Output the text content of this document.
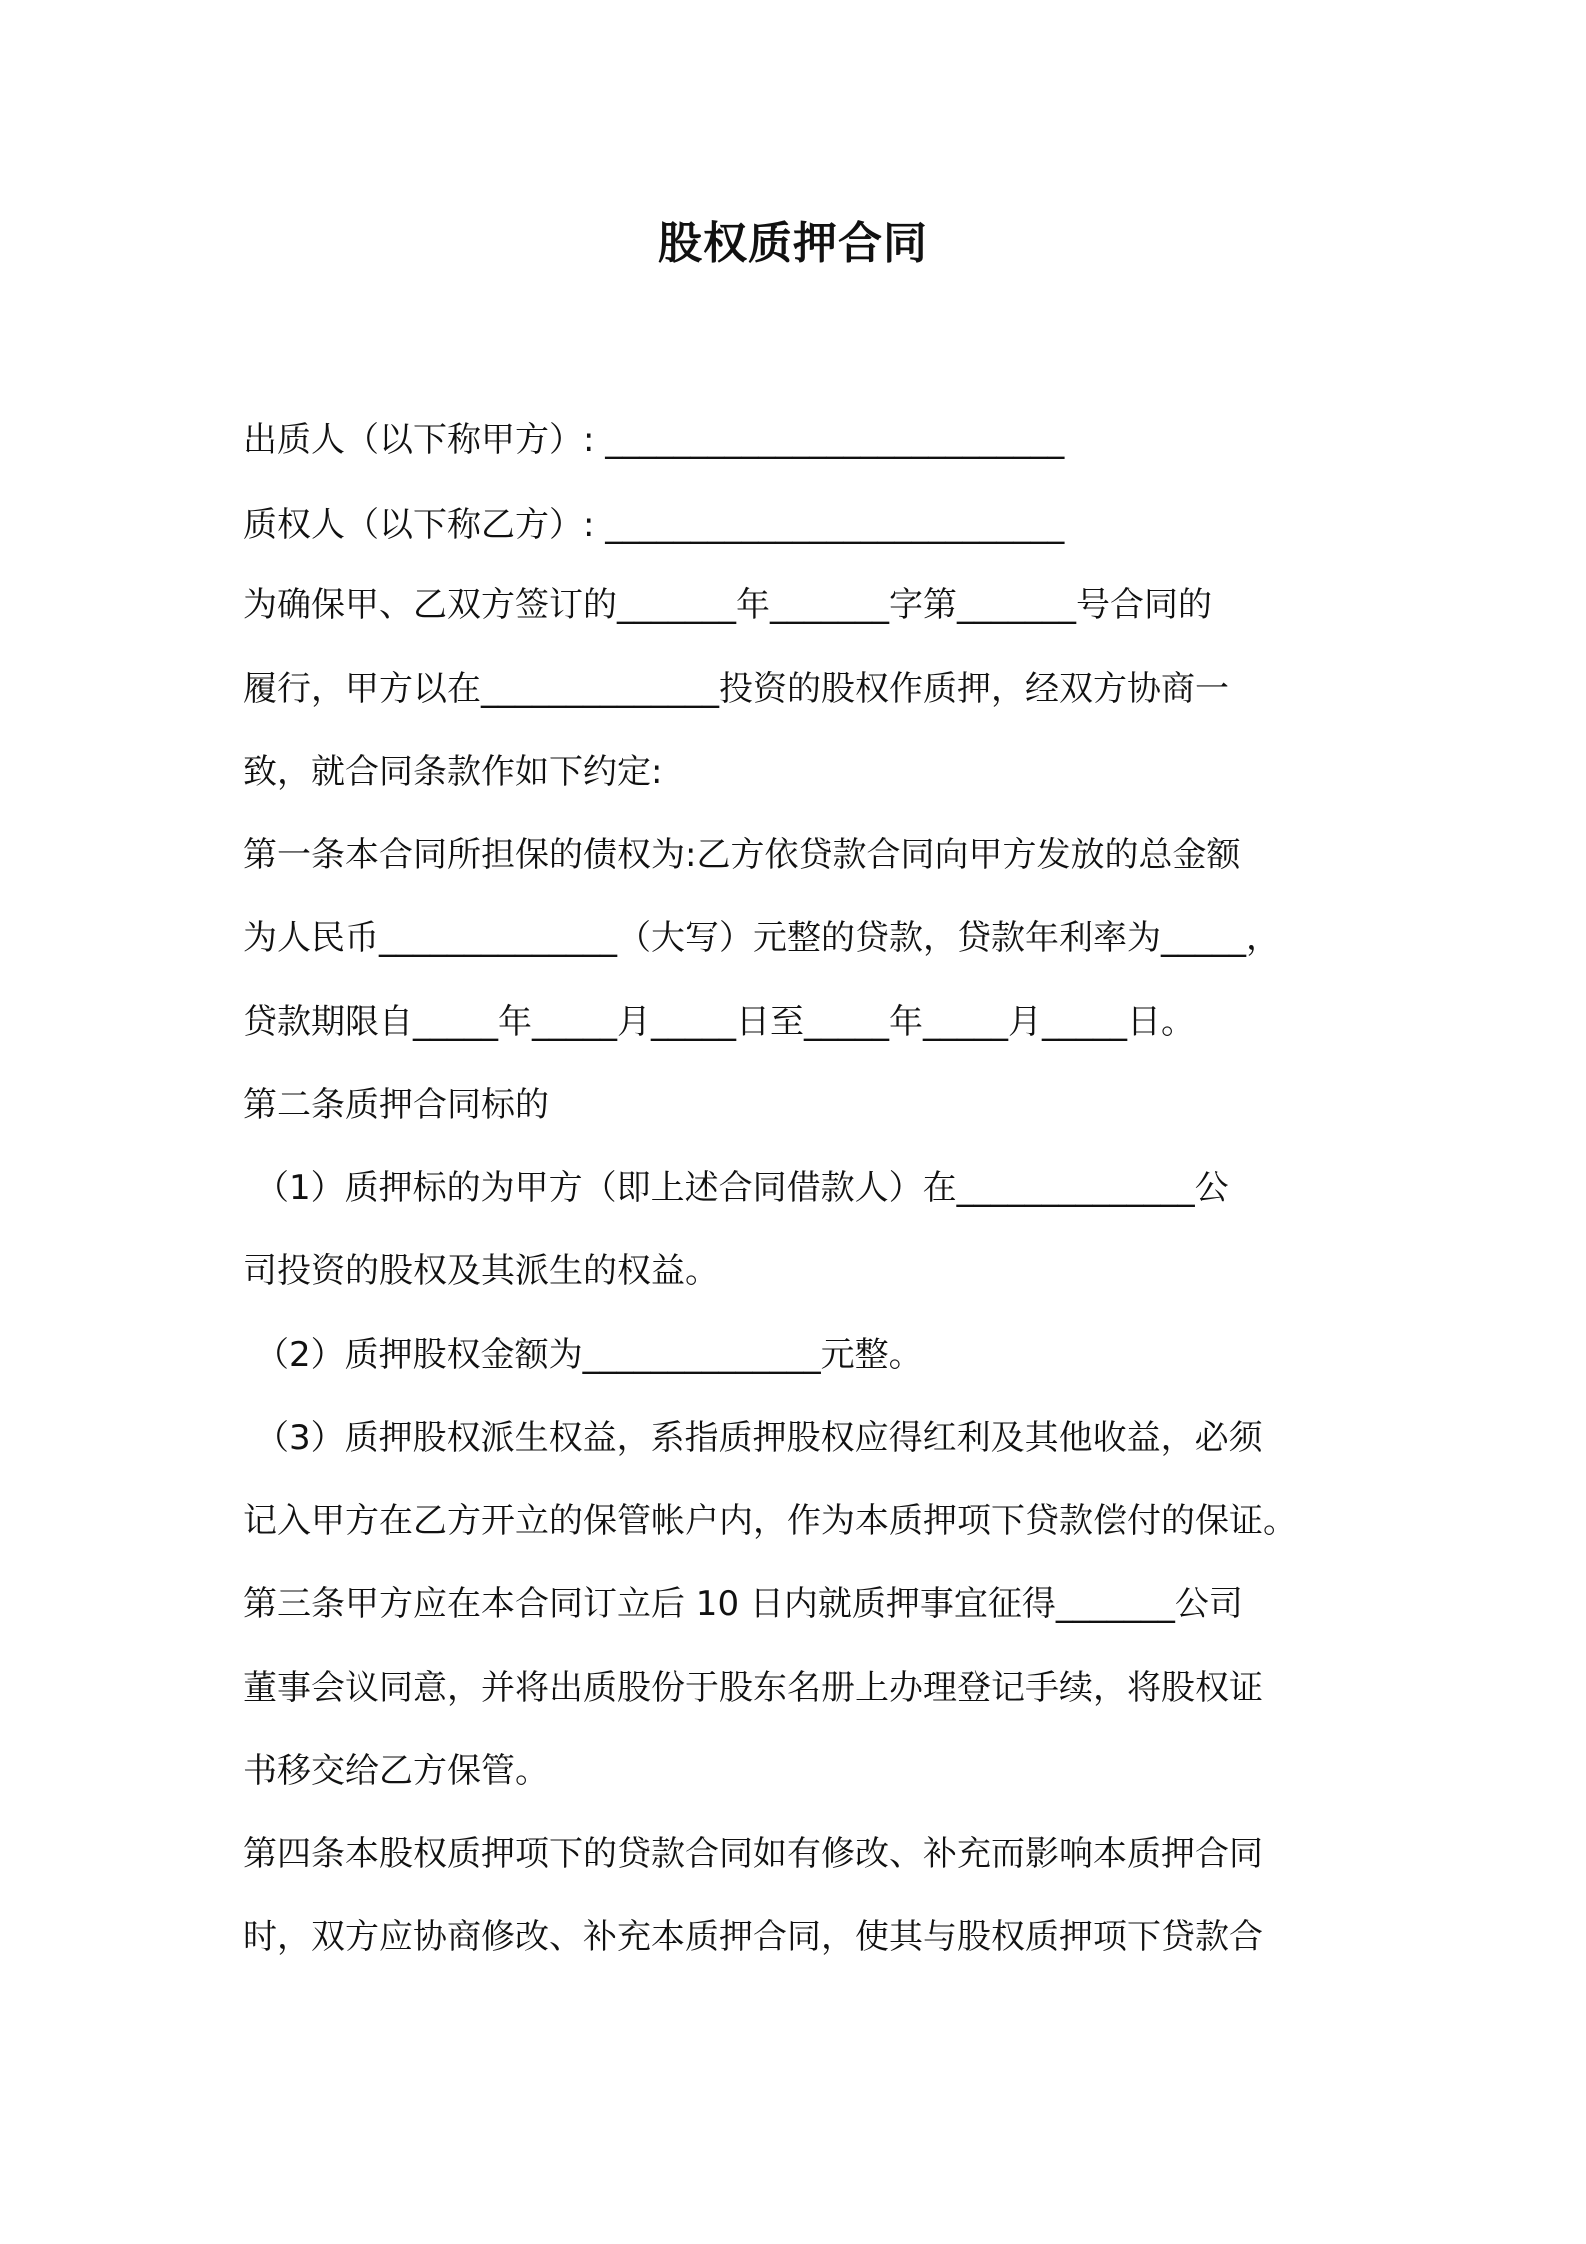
股权质押合同
出质人（以下称甲方）: ___________________________
质权人（以下称乙方）: ___________________________
为确保甲、乙双方签订的_______年_______字第_______号合同的
履行，甲方以在______________投资的股权作质押，经双方协商一
致，就合同条款作如下约定:
第一条本合同所担保的债权为:乙方依贷款合同向甲方发放的总金额
为人民币______________（大写）元整的贷款，贷款年利率为_____，
贷款期限自_____年_____月_____日至_____年_____月_____日。
第二条质押合同标的
（1）质押标的为甲方（即上述合同借款人）在______________公
司投资的股权及其派生的权益。
（2）质押股权金额为______________元整。
（3）质押股权派生权益，系指质押股权应得红利及其他收益，必须
记入甲方在乙方开立的保管帐户内，作为本质押项下贷款偿付的保证。
第三条甲方应在本合同订立后 10 日内就质押事宜征得_______公司
董事会议同意，并将出质股份于股东名册上办理登记手续，将股权证
书移交给乙方保管。
第四条本股权质押项下的贷款合同如有修改、补充而影响本质押合同
时，双方应协商修改、补充本质押合同，使其与股权质押项下贷款合
